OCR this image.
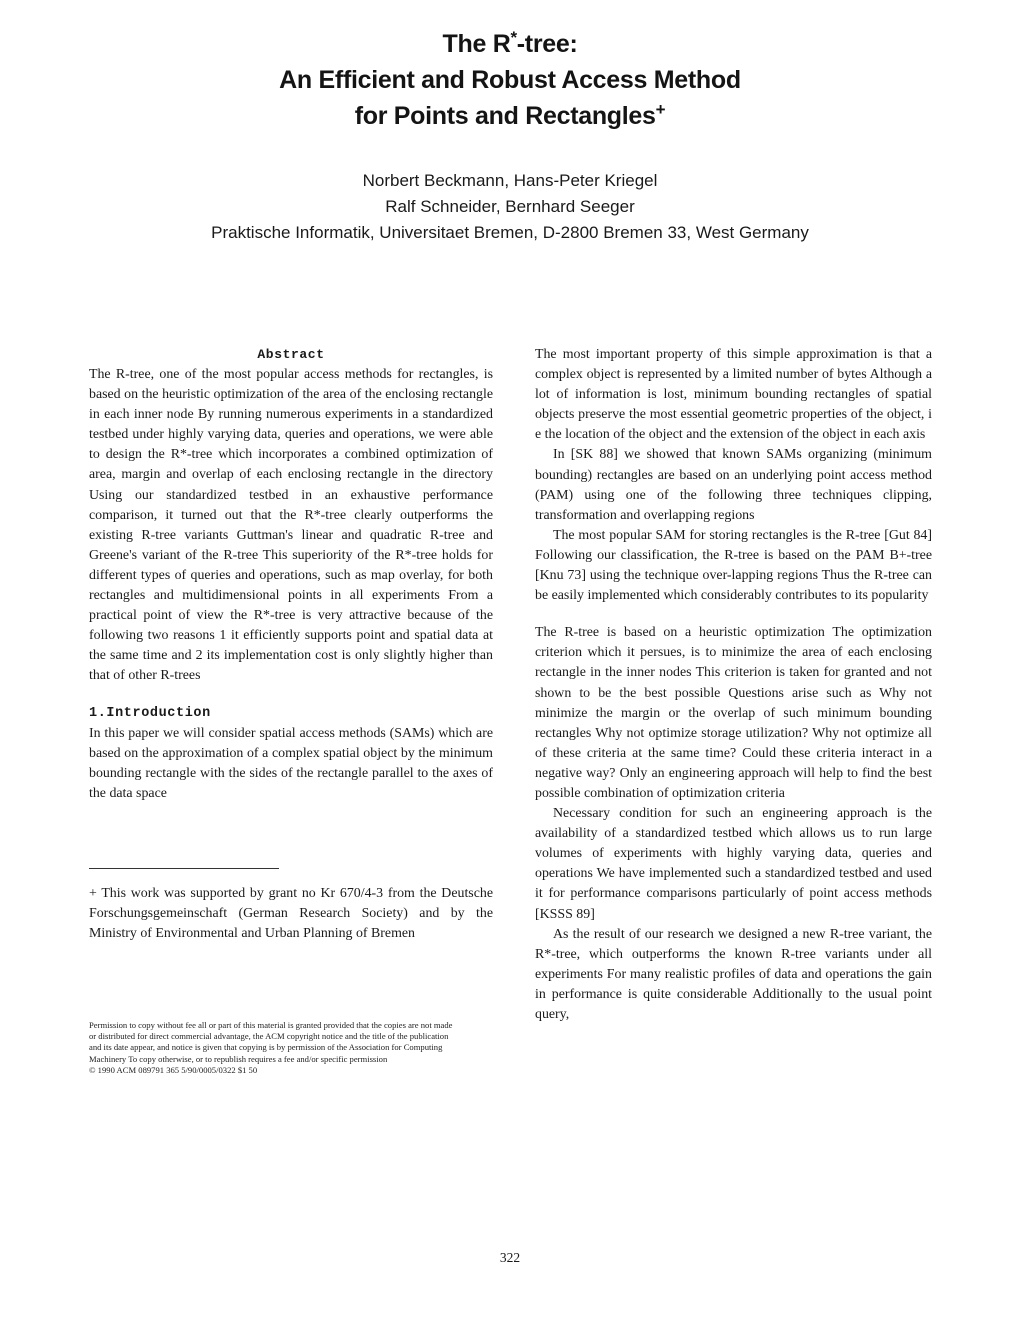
The R*-tree:

An Efficient and Robust Access Method

for Points and Rectangles+

Norbert Beckmann, Hans-Peter Kriegel

Ralf Schneider, Bernhard Seeger

Praktische Informatik, Universitaet Bremen, D-2800 Bremen 33, West Germany

Abstract

The R-tree, one of the most popular access methods for rectangles, is based on the heuristic optimization of the area of the enclosing rectangle in each inner node By running numerous experiments in a standardized testbed under highly varying data, queries and operations, we were able to design the R*-tree which incorporates a combined optimization of area, margin and overlap of each enclosing rectangle in the directory Using our standardized testbed in an exhaustive performance comparison, it turned out that the R*-tree clearly outperforms the existing R-tree variants Guttman's linear and quadratic R-tree and Greene's variant of the R-tree This superiority of the R*-tree holds for different types of queries and operations, such as map overlay, for both rectangles and multidimensional points in all experiments From a practical point of view the R*-tree is very attractive because of the following two reasons 1 it efficiently supports point and spatial data at the same time and 2 its implementation cost is only slightly higher than that of other R-trees

1.Introduction

In this paper we will consider spatial access methods (SAMs) which are based on the approximation of a complex spatial object by the minimum bounding rectangle with the sides of the rectangle parallel to the axes of the data space

+ This work was supported by grant no Kr 670/4-3 from the Deutsche Forschungsgemeinschaft (German Research Society) and by the Ministry of Environmental and Urban Planning of Bremen

Permission to copy without fee all or part of this material is granted provided that the copies are not made or distributed for direct commercial advantage, the ACM copyright notice and the title of the publication and its date appear, and notice is given that copying is by permission of the Association for Computing Machinery To copy otherwise, or to republish requires a fee and/or specific permission

© 1990 ACM 089791 365 5/90/0005/0322 $1 50

The most important property of this simple approximation is that a complex object is represented by a limited number of bytes Although a lot of information is lost, minimum bounding rectangles of spatial objects preserve the most essential geometric properties of the object, i e the location of the object and the extension of the object in each axis

In [SK 88] we showed that known SAMs organizing (minimum bounding) rectangles are based on an underlying point access method (PAM) using one of the following three techniques clipping, transformation and overlapping regions

The most popular SAM for storing rectangles is the R-tree [Gut 84] Following our classification, the R-tree is based on the PAM B+-tree [Knu 73] using the technique over-lapping regions Thus the R-tree can be easily implemented which considerably contributes to its popularity

The R-tree is based on a heuristic optimization The optimization criterion which it persues, is to minimize the area of each enclosing rectangle in the inner nodes This criterion is taken for granted and not shown to be the best possible Questions arise such as Why not minimize the margin or the overlap of such minimum bounding rectangles Why not optimize storage utilization? Why not optimize all of these criteria at the same time? Could these criteria interact in a negative way? Only an engineering approach will help to find the best possible combination of optimization criteria

Necessary condition for such an engineering approach is the availability of a standardized testbed which allows us to run large volumes of experiments with highly varying data, queries and operations We have implemented such a standardized testbed and used it for performance comparisons particularly of point access methods [KSSS 89]

As the result of our research we designed a new R-tree variant, the R*-tree, which outperforms the known R-tree variants under all experiments For many realistic profiles of data and operations the gain in performance is quite considerable Additionally to the usual point query,

322
